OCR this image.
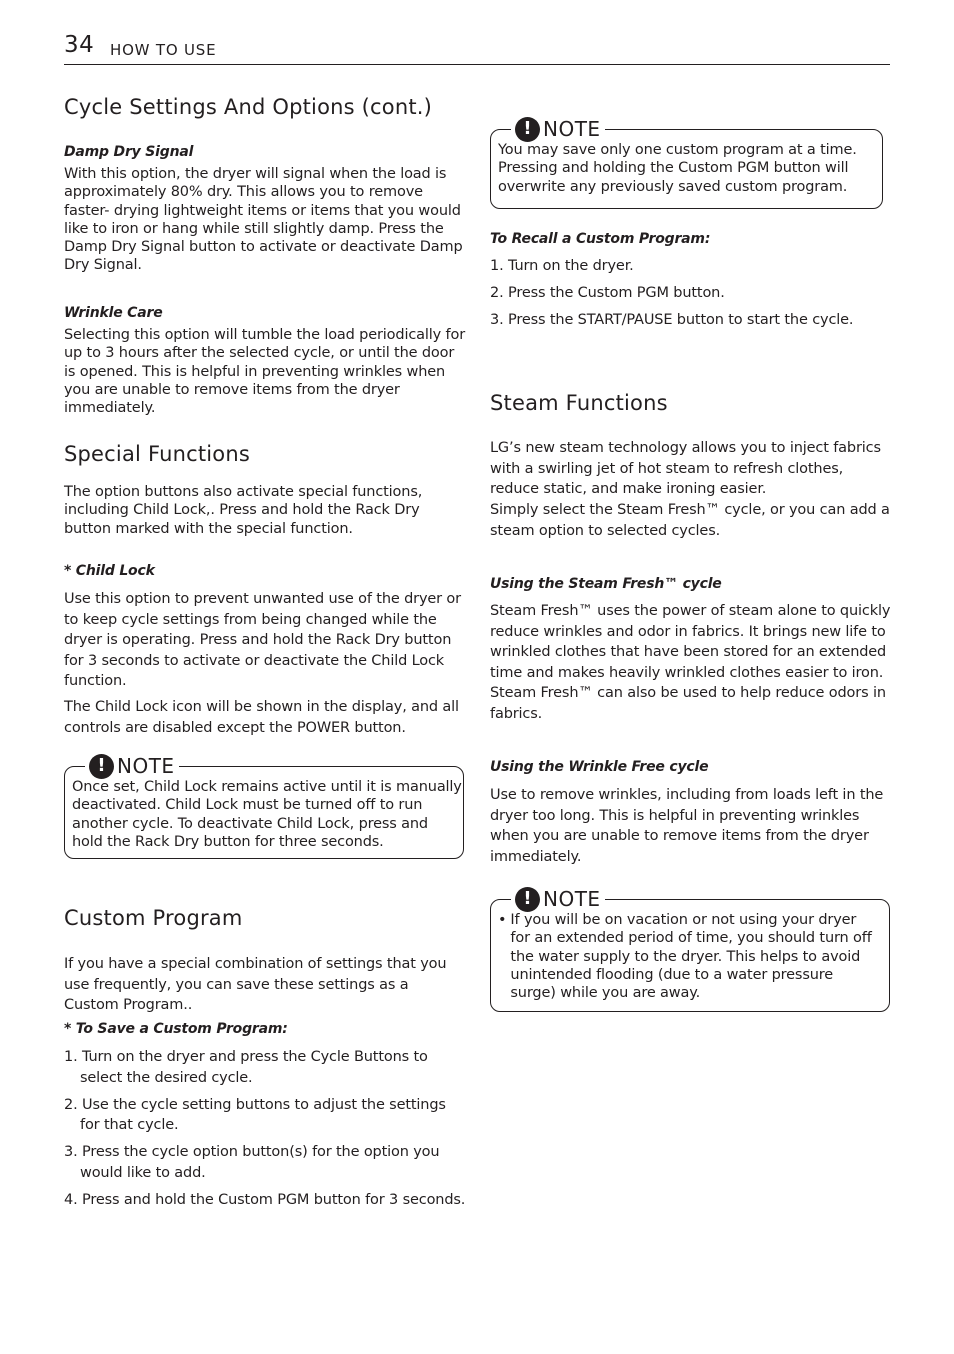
34 HOW TO USE
Cycle Settings And Options (cont.)
Damp Dry Signal
With this option, the dryer will signal when the load is approximately 80% dry. This allows you to remove faster- drying lightweight items or items that you would like to iron or hang while still slightly damp. Press the Damp Dry Signal button to activate or deactivate Damp Dry Signal.
Wrinkle Care
Selecting this option will tumble the load periodically for up to 3 hours after the selected cycle, or until the door is opened. This is helpful in preventing wrinkles when you are unable to remove items from the dryer immediately.
Special Functions
The option buttons also activate special functions, including Child Lock,. Press and hold the Rack Dry button marked with the special function.
* Child Lock
Use this option to prevent unwanted use of the dryer or to keep cycle settings from being changed while the dryer is operating. Press and hold the Rack Dry button for 3 seconds to activate or deactivate the Child Lock function.
The Child Lock icon will be shown in the display, and all controls are disabled except the POWER button.
! NOTE
Once set, Child Lock remains active until it is manually deactivated. Child Lock must be turned off to run another cycle. To deactivate Child Lock, press and hold the Rack Dry button for three seconds.
Custom Program
If you have a special combination of settings that you use frequently, you can save these settings as a Custom Program..
* To Save a Custom Program:
1. Turn on the dryer and press the Cycle Buttons to select the desired cycle.
2. Use the cycle setting buttons to adjust the settings for that cycle.
3. Press the cycle option button(s) for the option you would like to add.
4. Press and hold the Custom PGM button for 3 seconds.
! NOTE
You may save only one custom program at a time. Pressing and holding the Custom PGM button will overwrite any previously saved custom program.
To Recall a Custom Program:
1. Turn on the dryer.
2. Press the Custom PGM button.
3. Press the START/PAUSE button to start the cycle.
Steam Functions
LG’s new steam technology allows you to inject fabrics with a swirling jet of hot steam to refresh clothes, reduce static, and make ironing easier.
Simply select the Steam Fresh™ cycle, or you can add a steam option to selected cycles.
Using the Steam Fresh™ cycle
Steam Fresh™ uses the power of steam alone to quickly reduce wrinkles and odor in fabrics. It brings new life to wrinkled clothes that have been stored for an extended time and makes heavily wrinkled clothes easier to iron. Steam Fresh™ can also be used to help reduce odors in fabrics.
Using the Wrinkle Free cycle
Use to remove wrinkles, including from loads left in the dryer too long. This is helpful in preventing wrinkles when you are unable to remove items from the dryer immediately.
! NOTE
• If you will be on vacation or not using your dryer for an extended period of time, you should turn off the water supply to the dryer. This helps to avoid unintended flooding (due to a water pressure surge) while you are away.
